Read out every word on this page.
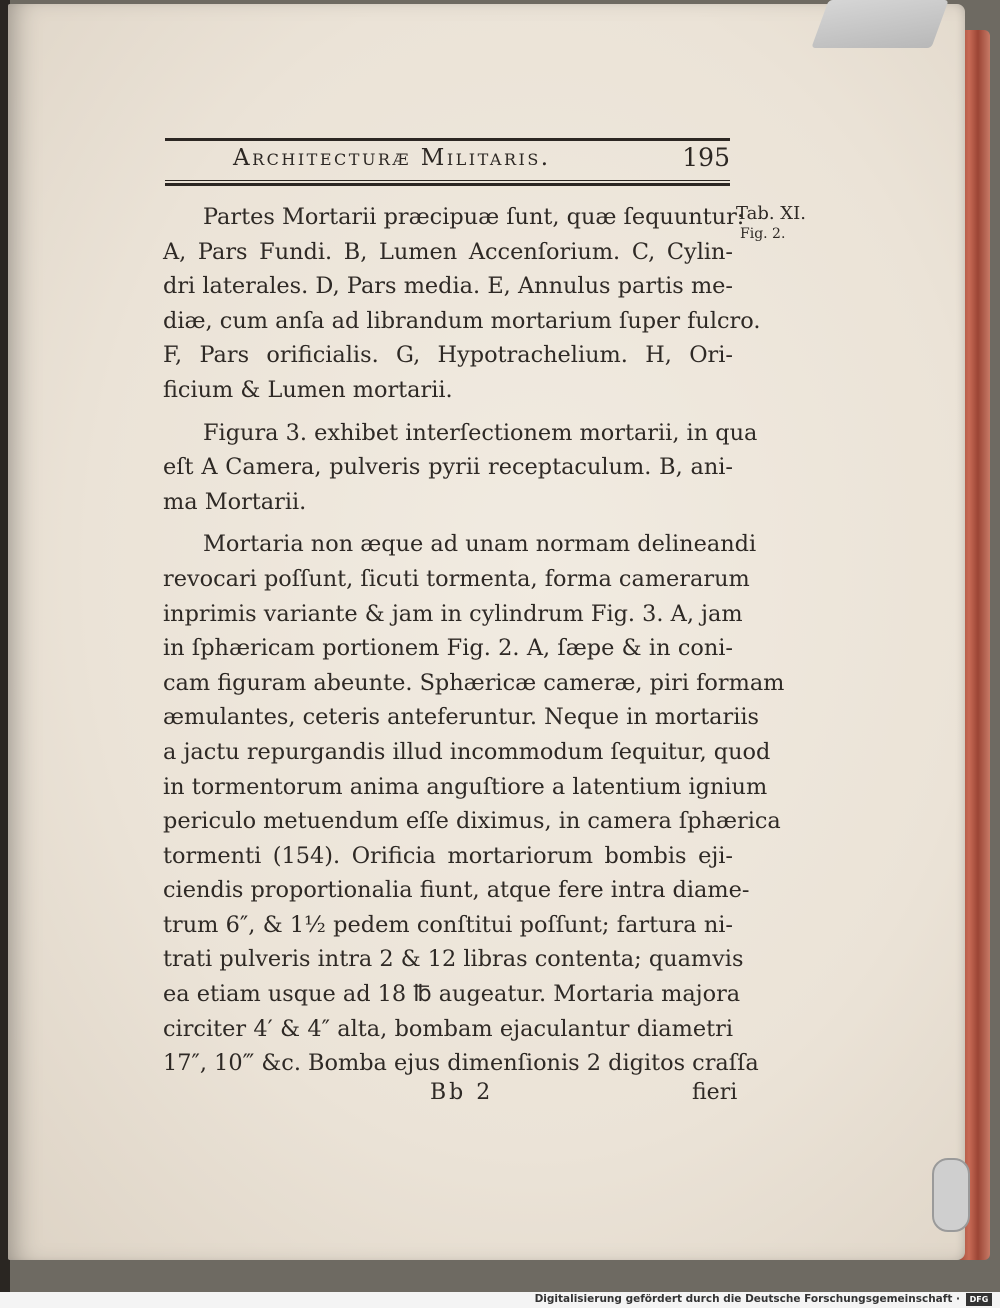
Architecturæ Militaris.	195
Tab. XI.
Fig. 2.
Partes Mortarii præcipuæ ſunt, quæ ſequuntur:
A, Pars Fundi. B, Lumen Accenſorium. C, Cylin-
dri laterales. D, Pars media. E, Annulus partis me-
diæ, cum anſa ad librandum mortarium ſuper fulcro.
F, Pars orificialis. G, Hypotrachelium. H, Ori-
ficium & Lumen mortarii.
Figura 3. exhibet interſectionem mortarii, in qua
eſt A Camera, pulveris pyrii receptaculum. B, ani-
ma Mortarii.
Mortaria non æque ad unam normam delineandi
revocari poſſunt, ſicuti tormenta, forma camerarum
inprimis variante & jam in cylindrum Fig. 3. A, jam
in ſphæricam portionem Fig. 2. A, ſæpe & in coni-
cam figuram abeunte. Sphæricæ cameræ, piri formam
æmulantes, ceteris anteferuntur. Neque in mortariis
a jactu repurgandis illud incommodum ſequitur, quod
in tormentorum anima anguſtiore a latentium ignium
periculo metuendum eſſe diximus, in camera ſphærica
tormenti (154). Orificia mortariorum bombis eji-
ciendis proportionalia fiunt, atque fere intra diame-
trum 6″, & 1½ pedem conſtitui poſſunt; fartura ni-
trati pulveris intra 2 & 12 libras contenta; quamvis
ea etiam usque ad 18 ℔ augeatur. Mortaria majora
circiter 4′ & 4″ alta, bombam ejaculantur diametri
17″, 10‴ &c. Bomba ejus dimenſionis 2 digitos craſſa
Bb 2	fieri
Digitalisierung gefördert durch die Deutsche Forschungsgemeinschaft ·	DFG
